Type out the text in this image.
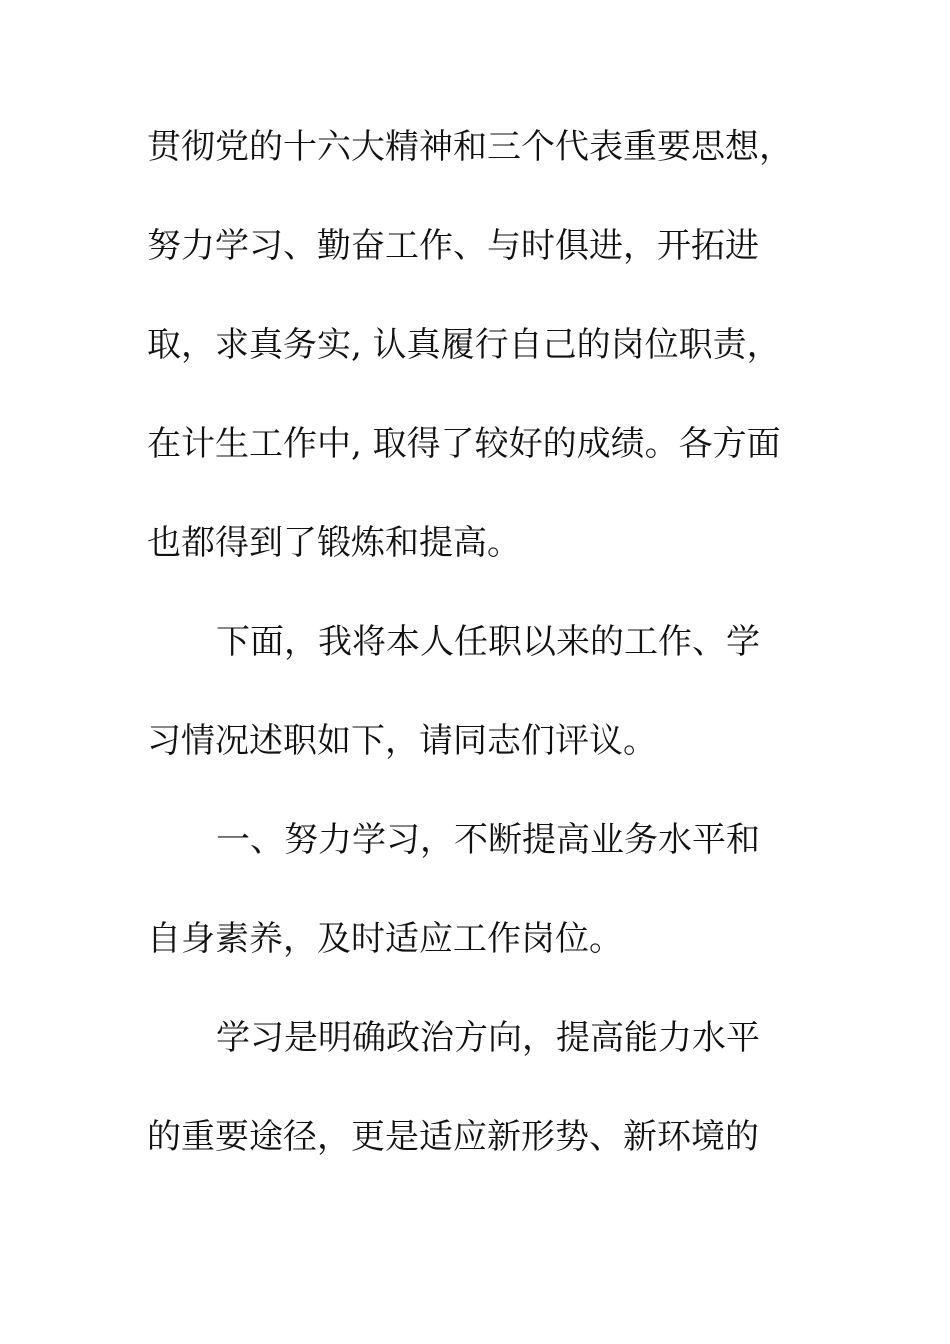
贯彻党的十六大精神和三个代表重要思想，
努力学习、勤奋工作、与时俱进，开拓进
取，求真务实, 认真履行自己的岗位职责，
在计生工作中, 取得了较好的成绩。各方面
也都得到了锻炼和提高。
下面，我将本人任职以来的工作、学
习情况述职如下，请同志们评议。
一、努力学习，不断提高业务水平和
自身素养，及时适应工作岗位。
学习是明确政治方向，提高能力水平
的重要途径，更是适应新形势、新环境的
